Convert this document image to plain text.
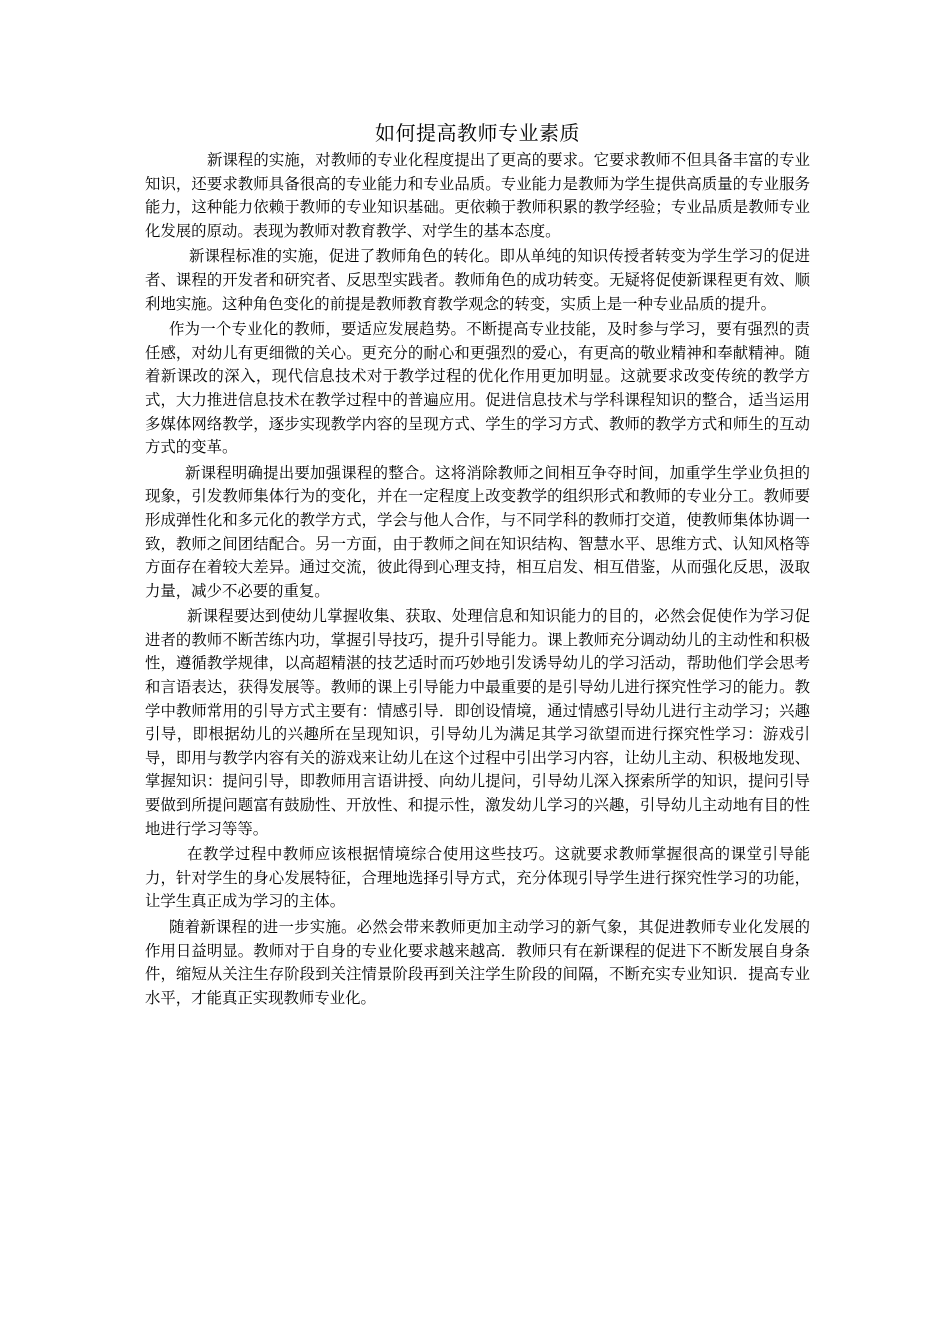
如何提高教师专业素质

新课程的实施，对教师的专业化程度提出了更高的要求。它要求教师不但具备丰富的专业知识，还要求教师具备很高的专业能力和专业品质。专业能力是教师为学生提供高质量的专业服务能力，这种能力依赖于教师的专业知识基础。更依赖于教师积累的教学经验；专业品质是教师专业化发展的原动。表现为教师对教育教学、对学生的基本态度。

新课程标准的实施，促进了教师角色的转化。即从单纯的知识传授者转变为学生学习的促进者、课程的开发者和研究者、反思型实践者。教师角色的成功转变。无疑将促使新课程更有效、顺利地实施。这种角色变化的前提是教师教育教学观念的转变，实质上是一种专业品质的提升。

作为一个专业化的教师，要适应发展趋势。不断提高专业技能，及时参与学习，要有强烈的责任感，对幼儿有更细微的关心。更充分的耐心和更强烈的爱心，有更高的敬业精神和奉献精神。随着新课改的深入，现代信息技术对于教学过程的优化作用更加明显。这就要求改变传统的教学方式，大力推进信息技术在教学过程中的普遍应用。促进信息技术与学科课程知识的整合，适当运用多媒体网络教学，逐步实现教学内容的呈现方式、学生的学习方式、教师的教学方式和师生的互动方式的变革。

新课程明确提出要加强课程的整合。这将消除教师之间相互争夺时间，加重学生学业负担的现象，引发教师集体行为的变化，并在一定程度上改变教学的组织形式和教师的专业分工。教师要形成弹性化和多元化的教学方式，学会与他人合作，与不同学科的教师打交道，使教师集体协调一致，教师之间团结配合。另一方面，由于教师之间在知识结构、智慧水平、思维方式、认知风格等方面存在着较大差异。通过交流，彼此得到心理支持，相互启发、相互借鉴，从而强化反思，汲取力量，减少不必要的重复。

新课程要达到使幼儿掌握收集、获取、处理信息和知识能力的目的，必然会促使作为学习促进者的教师不断苦练内功，掌握引导技巧，提升引导能力。课上教师充分调动幼儿的主动性和积极性，遵循教学规律，以高超精湛的技艺适时而巧妙地引发诱导幼儿的学习活动，帮助他们学会思考和言语表达，获得发展等。教师的课上引导能力中最重要的是引导幼儿进行探究性学习的能力。教学中教师常用的引导方式主要有：情感引导．即创设情境，通过情感引导幼儿进行主动学习；兴趣引导，即根据幼儿的兴趣所在呈现知识，引导幼儿为满足其学习欲望而进行探究性学习：游戏引导，即用与教学内容有关的游戏来让幼儿在这个过程中引出学习内容，让幼儿主动、积极地发现、掌握知识：提问引导，即教师用言语讲授、向幼儿提问，引导幼儿深入探索所学的知识，提问引导要做到所提问题富有鼓励性、开放性、和提示性，激发幼儿学习的兴趣，引导幼儿主动地有目的性地进行学习等等。

在教学过程中教师应该根据情境综合使用这些技巧。这就要求教师掌握很高的课堂引导能力，针对学生的身心发展特征，合理地选择引导方式，充分体现引导学生进行探究性学习的功能，让学生真正成为学习的主体。

随着新课程的进一步实施。必然会带来教师更加主动学习的新气象，其促进教师专业化发展的作用日益明显。教师对于自身的专业化要求越来越高．教师只有在新课程的促进下不断发展自身条件，缩短从关注生存阶段到关注情景阶段再到关注学生阶段的间隔，不断充实专业知识．提高专业水平，才能真正实现教师专业化。
